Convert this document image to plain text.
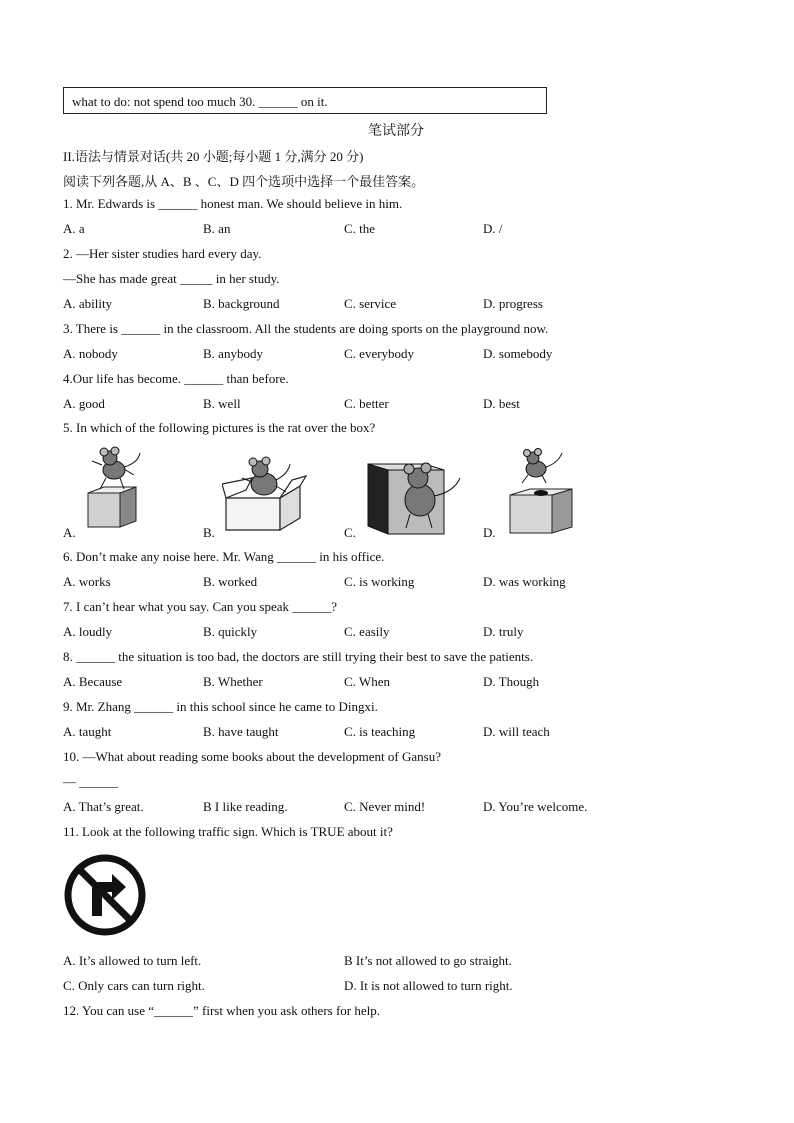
what to do: not spend too much 30. ______ on it.
笔试部分
II.语法与情景对话(共 20 小题;每小题 1 分,满分 20 分)
阅读下列各题,从 A、B 、C、D 四个选项中选择一个最佳答案。
1. Mr. Edwards is ______ honest man. We should believe in him.
A. a	B. an	C. the	D. /
2. —Her sister studies hard every day.
—She has made great _____ in her study.
A. ability	B. background	C. service	D. progress
3. There is ______ in the classroom. All the students are doing sports on the playground now.
A. nobody	B. anybody	C. everybody	D. somebody
4.Our life has become. ______ than before.
A. good	B. well	C. better	D. best
5. In which of the following pictures is the rat over the box?
A.	B.	C.	D.
6. Don’t make any noise here. Mr. Wang ______ in his office.
A. works	B. worked	C. is working	D. was working
7. I can’t hear what you say. Can you speak ______?
A. loudly	B. quickly	C. easily	D. truly
8. ______ the situation is too bad, the doctors are still trying their best to save the patients.
A. Because	B. Whether	C. When	D. Though
9. Mr. Zhang ______ in this school since he came to Dingxi.
A. taught	B. have taught	C. is teaching	D. will teach
10. —What about reading some books about the development of Gansu?
— ______
A. That’s great.	B I like reading.	C. Never mind!	D. You’re welcome.
11. Look at the following traffic sign. Which is TRUE about it?
A. It’s allowed to turn left.	B It’s not allowed to go straight.
C. Only cars can turn right.	D. It is not allowed to turn right.
12. You can use “______” first when you ask others for help.
